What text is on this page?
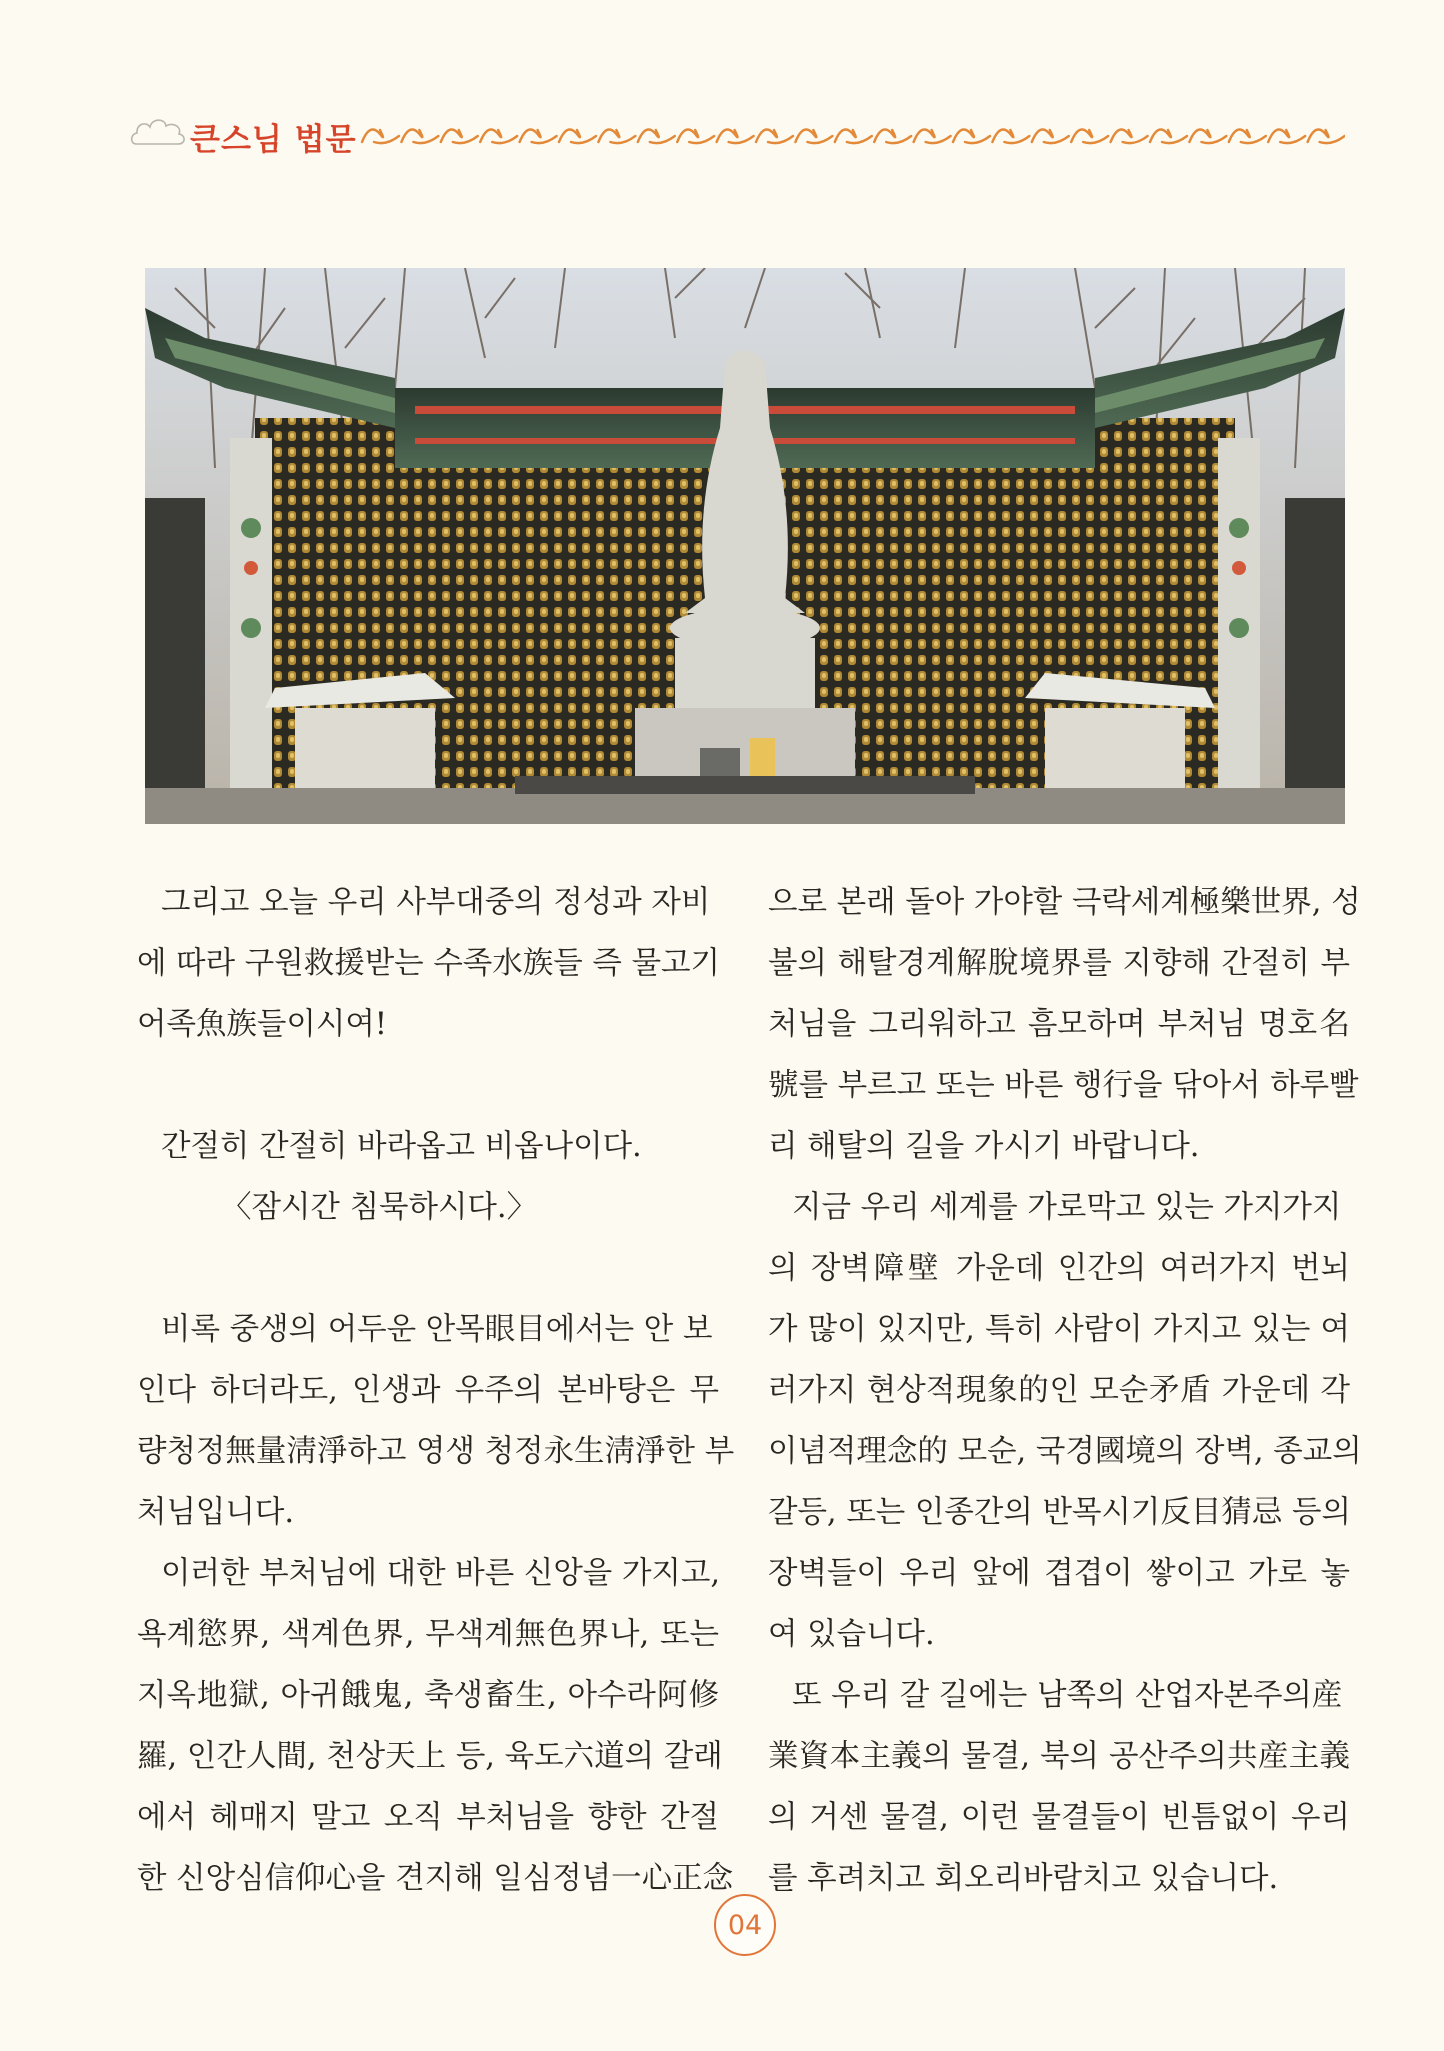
큰스님 법문
그리고 오늘 우리 사부대중의 정성과 자비
에 따라 구원救援받는 수족水族들 즉 물고기
어족魚族들이시여!
간절히 간절히 바라옵고 비옵나이다.
〈잠시간 침묵하시다.〉
비록 중생의 어두운 안목眼目에서는 안 보
인다 하더라도, 인생과 우주의 본바탕은 무
량청정無量淸淨하고 영생 청정永生淸淨한 부
처님입니다.
이러한 부처님에 대한 바른 신앙을 가지고,
욕계慾界, 색계色界, 무색계無色界나, 또는
지옥地獄, 아귀餓鬼, 축생畜生, 아수라阿修
羅, 인간人間, 천상天上 등, 육도六道의 갈래
에서 헤매지 말고 오직 부처님을 향한 간절
한 신앙심信仰心을 견지해 일심정념一心正念
으로 본래 돌아 가야할 극락세계極樂世界, 성
불의 해탈경계解脫境界를 지향해 간절히 부
처님을 그리워하고 흠모하며 부처님 명호名
號를 부르고 또는 바른 행行을 닦아서 하루빨
리 해탈의 길을 가시기 바랍니다.
지금 우리 세계를 가로막고 있는 가지가지
의 장벽障壁 가운데 인간의 여러가지 번뇌
가 많이 있지만, 특히 사람이 가지고 있는 여
러가지 현상적現象的인 모순矛盾 가운데 각
이념적理念的 모순, 국경國境의 장벽, 종교의
갈등, 또는 인종간의 반목시기反目猜忌 등의
장벽들이 우리 앞에 겹겹이 쌓이고 가로 놓
여 있습니다.
또 우리 갈 길에는 남쪽의 산업자본주의産
業資本主義의 물결, 북의 공산주의共産主義
의 거센 물결, 이런 물결들이 빈틈없이 우리
를 후려치고 회오리바람치고 있습니다.
04
